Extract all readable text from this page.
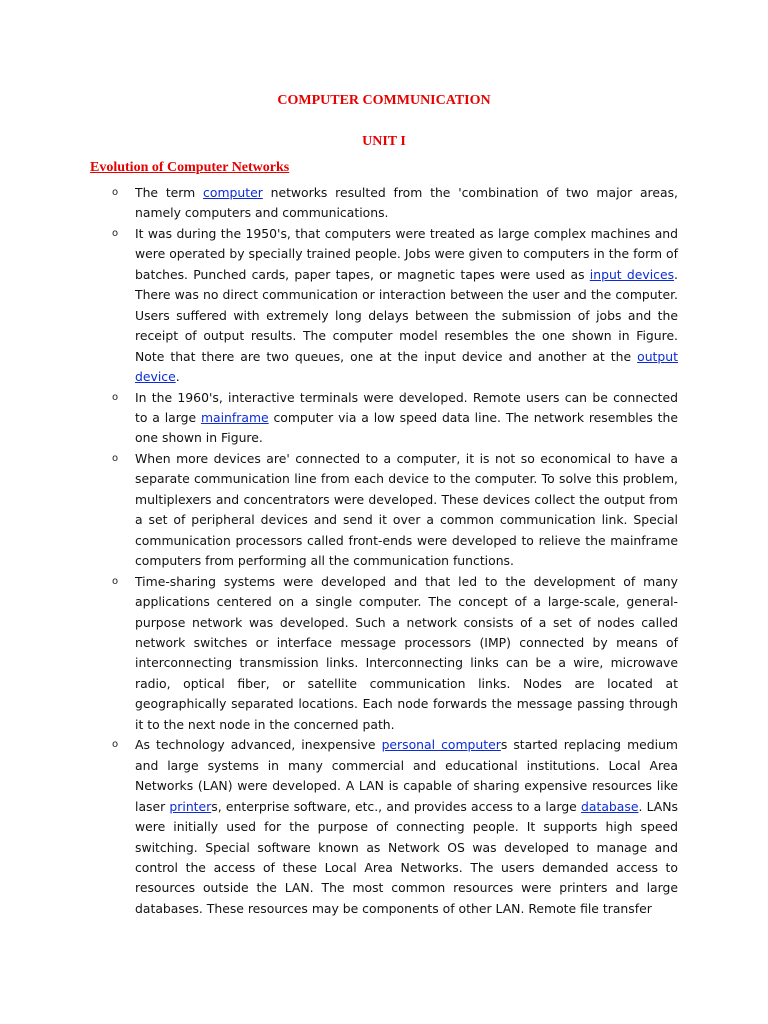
COMPUTER COMMUNICATION
UNIT I
Evolution of Computer Networks
o The term computer networks resulted from the 'combination of two major areas, namely computers and communications.
o It was during the 1950's, that computers were treated as large complex machines and were operated by specially trained people. Jobs were given to computers in the form of batches. Punched cards, paper tapes, or magnetic tapes were used as input devices. There was no direct communication or interaction between the user and the computer. Users suffered with extremely long delays between the submission of jobs and the receipt of output results. The computer model resembles the one shown in Figure. Note that there are two queues, one at the input device and another at the output device.
o In the 1960's, interactive terminals were developed. Remote users can be connected to a large mainframe computer via a low speed data line. The network resembles the one shown in Figure.
o When more devices are' connected to a computer, it is not so economical to have a separate communication line from each device to the computer. To solve this problem, multiplexers and concentrators were developed. These devices collect the output from a set of peripheral devices and send it over a common communication link. Special communication processors called front-ends were developed to relieve the mainframe computers from performing all the communication functions.
o Time-sharing systems were developed and that led to the development of many applications centered on a single computer. The concept of a large-scale, general-purpose network was developed. Such a network consists of a set of nodes called network switches or interface message processors (IMP) connected by means of interconnecting transmission links. Interconnecting links can be a wire, microwave radio, optical fiber, or satellite communication links. Nodes are located at geographically separated locations. Each node forwards the message passing through it to the next node in the concerned path.
o As technology advanced, inexpensive personal computers started replacing medium and large systems in many commercial and educational institutions. Local Area Networks (LAN) were developed. A LAN is capable of sharing expensive resources like laser printers, enterprise software, etc., and provides access to a large database. LANs were initially used for the purpose of connecting people. It supports high speed switching. Special software known as Network OS was developed to manage and control the access of these Local Area Networks. The users demanded access to resources outside the LAN. The most common resources were printers and large databases. These resources may be components of other LAN. Remote file transfer
